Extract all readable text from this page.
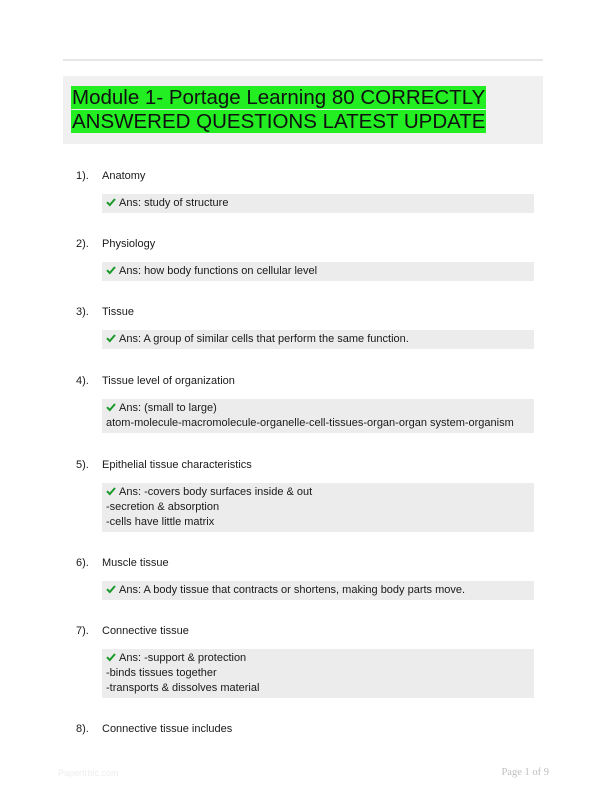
Module 1- Portage Learning 80 CORRECTLY ANSWERED QUESTIONS LATEST UPDATE
1). Anatomy
Ans: study of structure
2). Physiology
Ans: how body functions on cellular level
3). Tissue
Ans: A group of similar cells that perform the same function.
4). Tissue level of organization
Ans: (small to large)
atom-molecule-macromolecule-organelle-cell-tissues-organ-organ system-organism
5). Epithelial tissue characteristics
Ans: -covers body surfaces inside & out
-secretion & absorption
-cells have little matrix
6). Muscle tissue
Ans: A body tissue that contracts or shortens, making body parts move.
7). Connective tissue
Ans: -support & protection
-binds tissues together
-transports & dissolves material
8). Connective tissue includes
Papertrbic.com	Page 1 of 9
